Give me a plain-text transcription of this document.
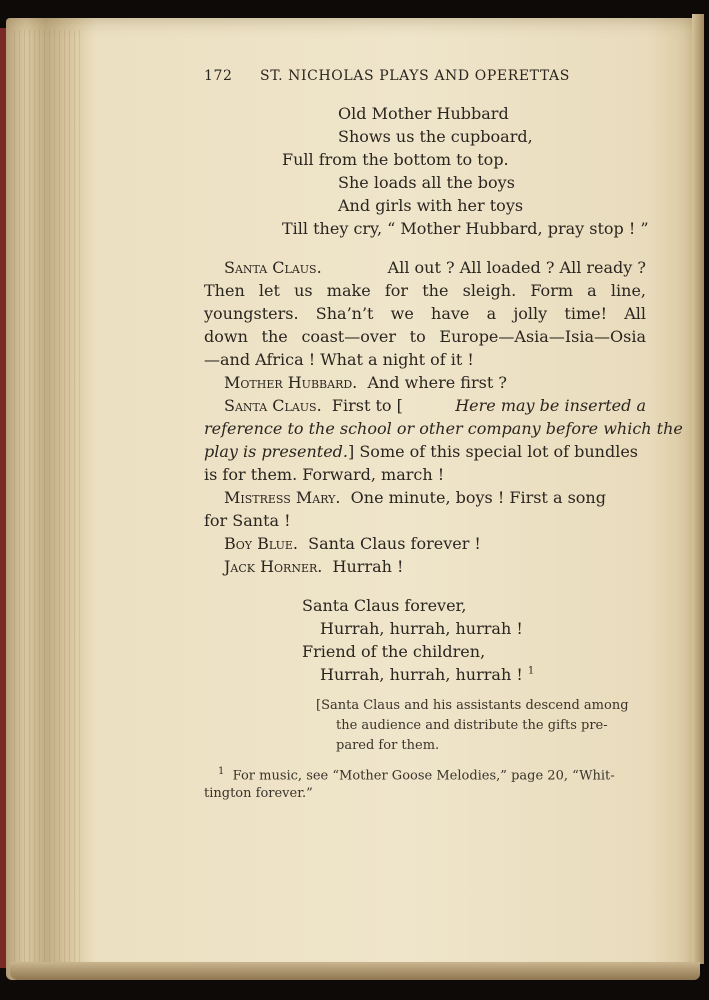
172 ST. NICHOLAS PLAYS AND OPERETTAS
Old Mother Hubbard
Shows us the cupboard,
Full from the bottom to top.
She loads all the boys
And girls with her toys
Till they cry, “ Mother Hubbard, pray stop ! ”
Santa Claus.	All out ? All loaded ? All ready ?
Then let us make for the sleigh. Form a line,
youngsters. Sha’n’t we have a jolly time! All
down the coast—over to Europe—Asia—Isia—Osia
—and Africa ! What a night of it !
Mother Hubbard. And where first ?
Santa Claus. First to [	Here may be inserted a
reference to the school or other company before which the
play is presented.] Some of this special lot of bundles
is for them. Forward, march !
Mistress Mary. One minute, boys ! First a song
for Santa !
Boy Blue. Santa Claus forever !
Jack Horner. Hurrah !
Santa Claus forever,
Hurrah, hurrah, hurrah !
Friend of the children,
Hurrah, hurrah, hurrah ! $^1$
[Santa Claus and his assistants descend among
the audience and distribute the gifts pre-
pared for them.
$^1$ For music, see “Mother Goose Melodies,” page 20, “Whit-
tington forever.”
